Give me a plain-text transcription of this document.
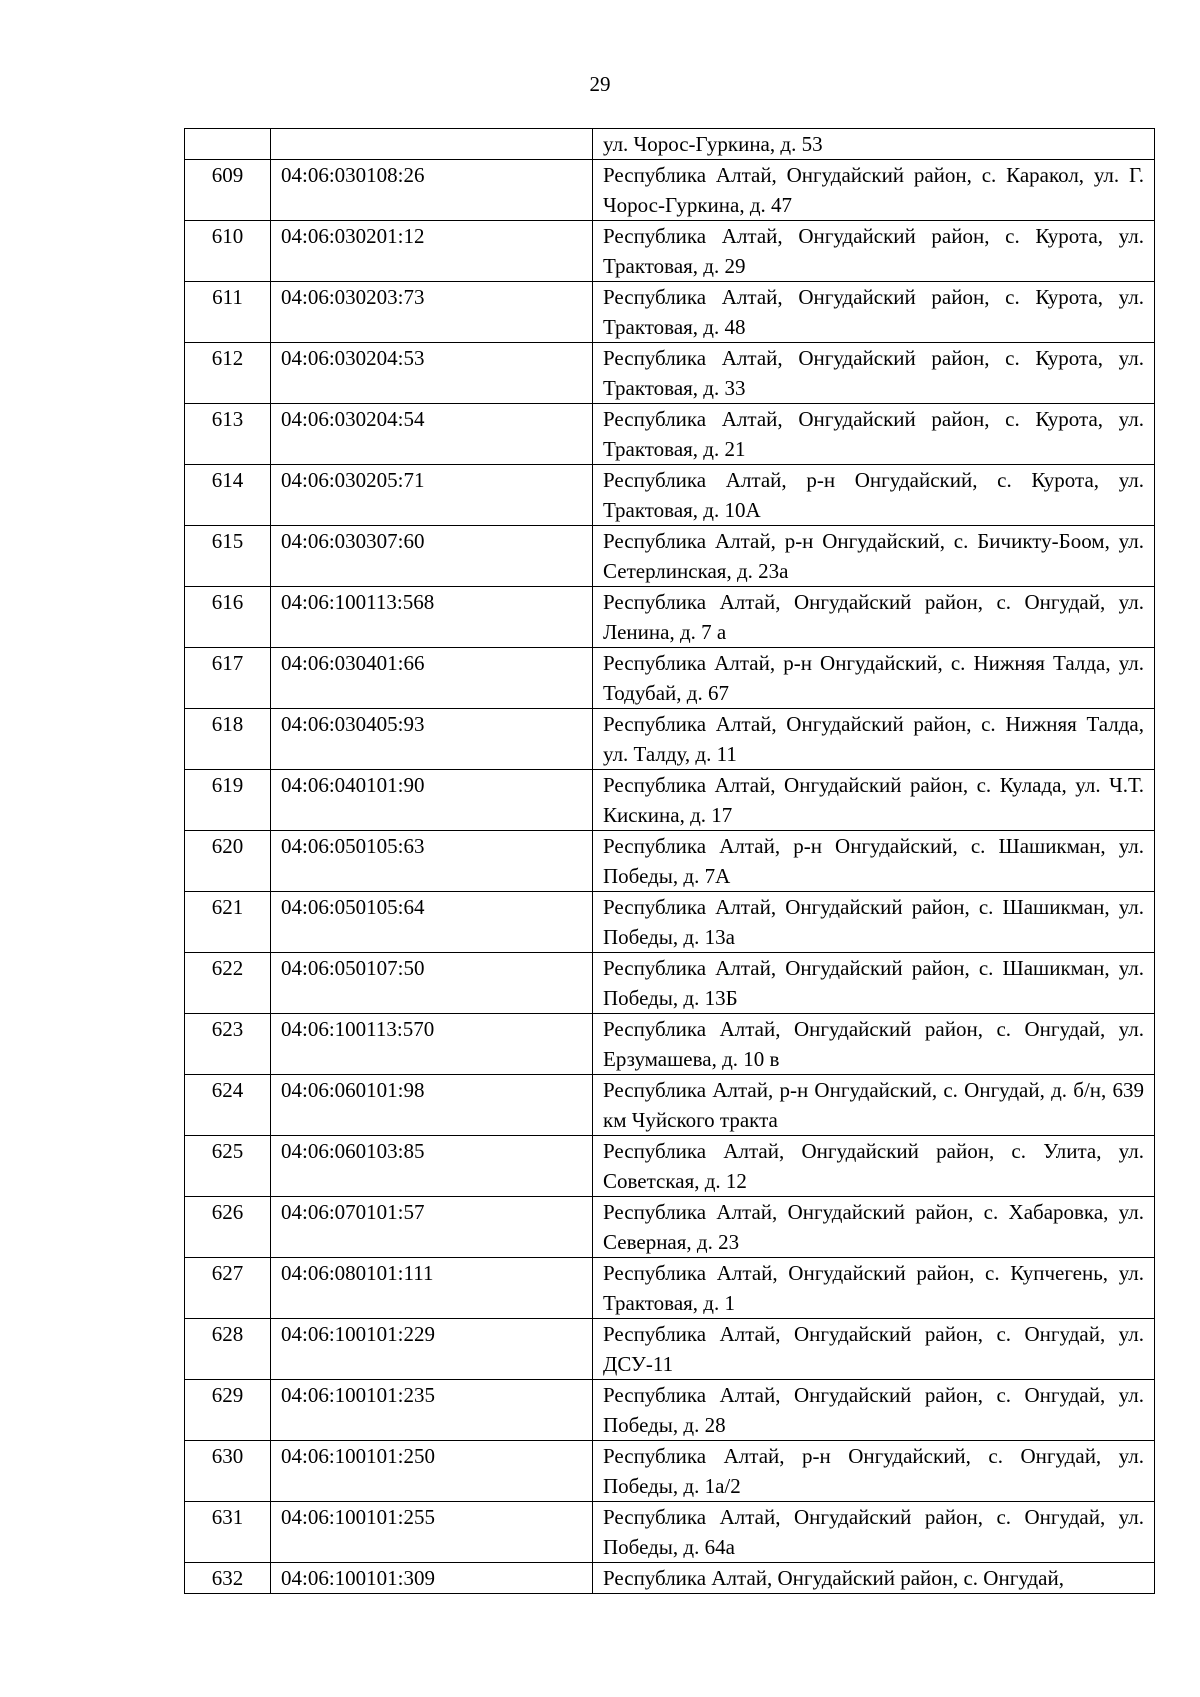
29
		ул. Чорос-Гуркина, д. 53
609	04:06:030108:26	Республика Алтай, Онгудайский район, с. Каракол, ул. Г. Чорос-Гуркина, д. 47
610	04:06:030201:12	Республика Алтай, Онгудайский район, с. Курота, ул. Трактовая, д. 29
611	04:06:030203:73	Республика Алтай, Онгудайский район, с. Курота, ул. Трактовая, д. 48
612	04:06:030204:53	Республика Алтай, Онгудайский район, с. Курота, ул. Трактовая, д. 33
613	04:06:030204:54	Республика Алтай, Онгудайский район, с. Курота, ул. Трактовая, д. 21
614	04:06:030205:71	Республика Алтай, р-н Онгудайский, с. Курота, ул. Трактовая, д. 10А
615	04:06:030307:60	Республика Алтай, р-н Онгудайский, с. Бичикту-Боом, ул. Сетерлинская, д. 23а
616	04:06:100113:568	Республика Алтай, Онгудайский район, с. Онгудай, ул. Ленина, д. 7 а
617	04:06:030401:66	Республика Алтай, р-н Онгудайский, с. Нижняя Талда, ул. Тодубай, д. 67
618	04:06:030405:93	Республика Алтай, Онгудайский район, с. Нижняя Талда, ул. Талду, д. 11
619	04:06:040101:90	Республика Алтай, Онгудайский район, с. Кулада, ул. Ч.Т. Кискина, д. 17
620	04:06:050105:63	Республика Алтай, р-н Онгудайский, с. Шашикман, ул. Победы, д. 7А
621	04:06:050105:64	Республика Алтай, Онгудайский район, с. Шашикман, ул. Победы, д. 13а
622	04:06:050107:50	Республика Алтай, Онгудайский район, с. Шашикман, ул. Победы, д. 13Б
623	04:06:100113:570	Республика Алтай, Онгудайский район, с. Онгудай, ул. Ерзумашева, д. 10 в
624	04:06:060101:98	Республика Алтай, р-н Онгудайский, с. Онгудай, д. б/н, 639 км Чуйского тракта
625	04:06:060103:85	Республика Алтай, Онгудайский район, с. Улита, ул. Советская, д. 12
626	04:06:070101:57	Республика Алтай, Онгудайский район, с. Хабаровка, ул. Северная, д. 23
627	04:06:080101:111	Республика Алтай, Онгудайский район, с. Купчегень, ул. Трактовая, д. 1
628	04:06:100101:229	Республика Алтай, Онгудайский район, с. Онгудай, ул. ДСУ-11
629	04:06:100101:235	Республика Алтай, Онгудайский район, с. Онгудай, ул. Победы, д. 28
630	04:06:100101:250	Республика Алтай, р-н Онгудайский, с. Онгудай, ул. Победы, д. 1а/2
631	04:06:100101:255	Республика Алтай, Онгудайский район, с. Онгудай, ул. Победы, д. 64а
632	04:06:100101:309	Республика Алтай, Онгудайский район, с. Онгудай,
